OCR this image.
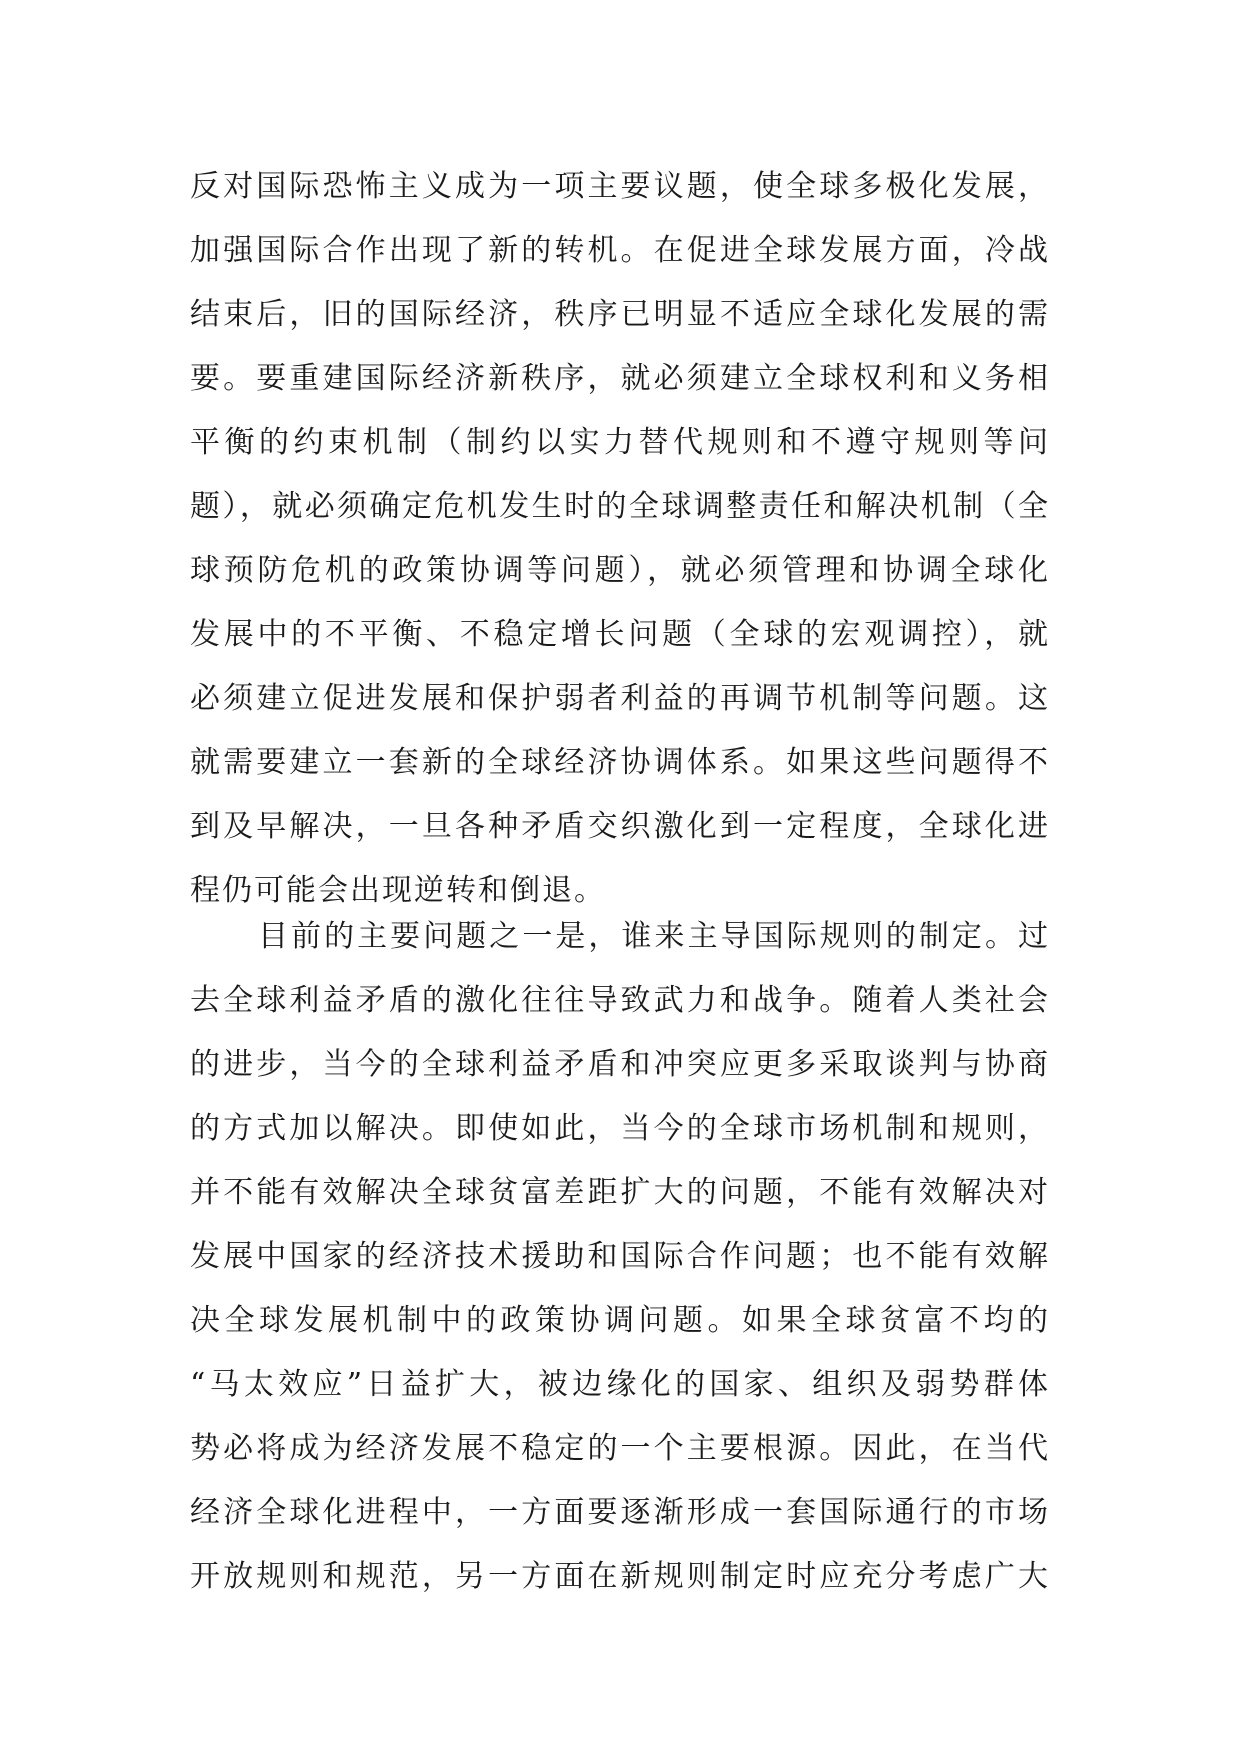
反对国际恐怖主义成为一项主要议题，使全球多极化发展，
加强国际合作出现了新的转机。在促进全球发展方面，冷战
结束后，旧的国际经济，秩序已明显不适应全球化发展的需
要。要重建国际经济新秩序，就必须建立全球权利和义务相
平衡的约束机制（制约以实力替代规则和不遵守规则等问
题），就必须确定危机发生时的全球调整责任和解决机制（全
球预防危机的政策协调等问题），就必须管理和协调全球化
发展中的不平衡、不稳定增长问题（全球的宏观调控），就
必须建立促进发展和保护弱者利益的再调节机制等问题。这
就需要建立一套新的全球经济协调体系。如果这些问题得不
到及早解决，一旦各种矛盾交织激化到一定程度，全球化进
程仍可能会出现逆转和倒退。
目前的主要问题之一是，谁来主导国际规则的制定。过
去全球利益矛盾的激化往往导致武力和战争。随着人类社会
的进步，当今的全球利益矛盾和冲突应更多采取谈判与协商
的方式加以解决。即使如此，当今的全球市场机制和规则，
并不能有效解决全球贫富差距扩大的问题，不能有效解决对
发展中国家的经济技术援助和国际合作问题；也不能有效解
决全球发展机制中的政策协调问题。如果全球贫富不均的
“马太效应”日益扩大，被边缘化的国家、组织及弱势群体
势必将成为经济发展不稳定的一个主要根源。因此，在当代
经济全球化进程中，一方面要逐渐形成一套国际通行的市场
开放规则和规范，另一方面在新规则制定时应充分考虑广大
